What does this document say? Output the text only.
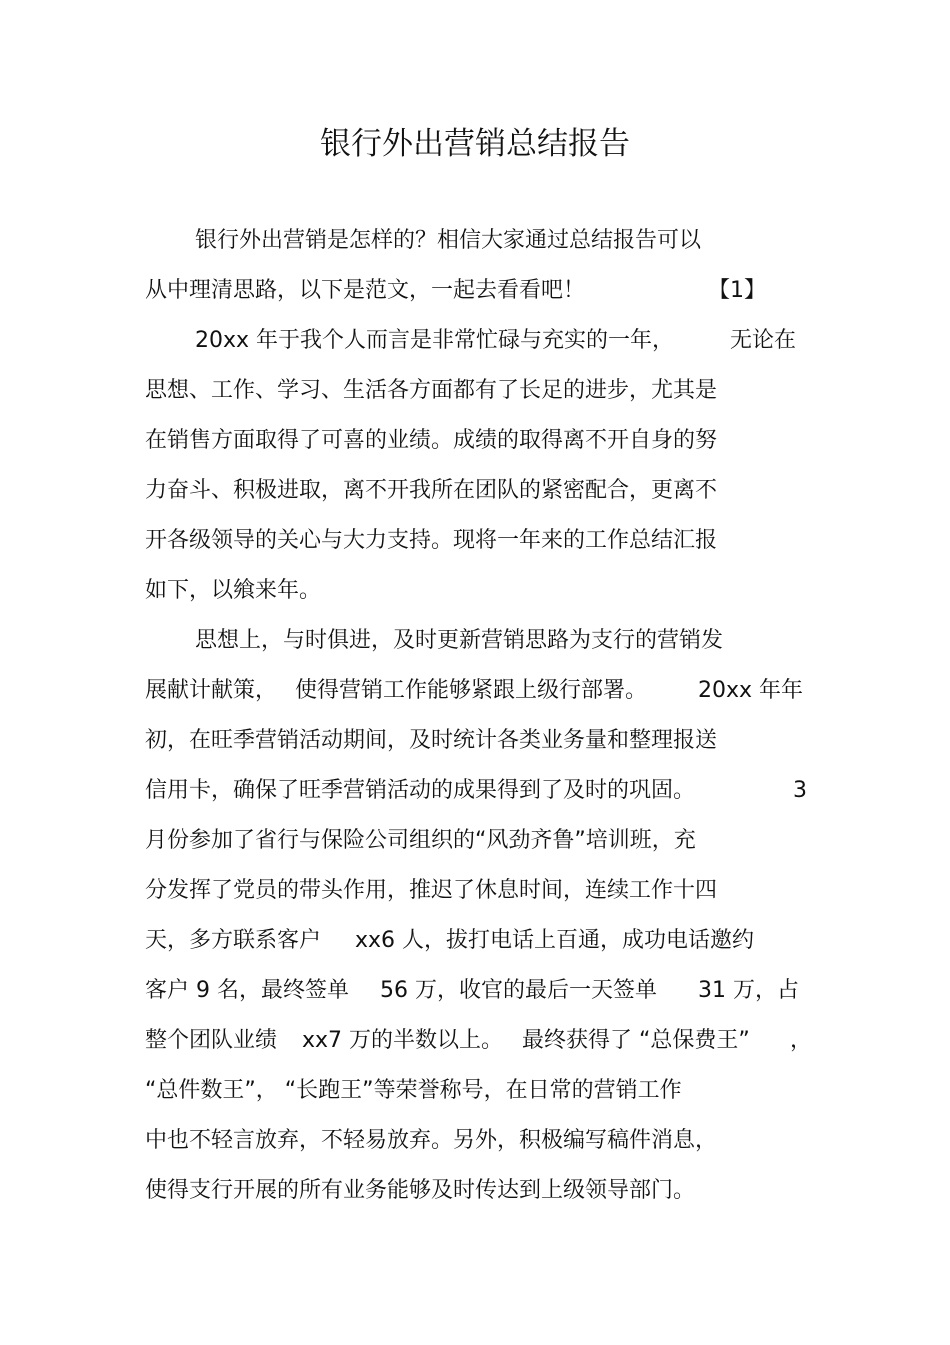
银行外出营销总结报告
银行外出营销是怎样的？相信大家通过总结报告可以
从中理清思路，以下是范文，一起去看看吧！	【1】
20xx 年于我个人而言是非常忙碌与充实的一年，	无论在
思想、工作、学习、生活各方面都有了长足的进步，尤其是
在销售方面取得了可喜的业绩。成绩的取得离不开自身的努
力奋斗、积极进取，离不开我所在团队的紧密配合，更离不
开各级领导的关心与大力支持。现将一年来的工作总结汇报
如下，以飨来年。
思想上，与时俱进，及时更新营销思路为支行的营销发
展献计献策， 使得营销工作能够紧跟上级行部署。 20xx 年年
初，在旺季营销活动期间，及时统计各类业务量和整理报送
信用卡，确保了旺季营销活动的成果得到了及时的巩固。	3
月份参加了省行与保险公司组织的“风劲齐鲁”培训班，充
分发挥了党员的带头作用，推迟了休息时间，连续工作十四
天，多方联系客户 xx6 人，拔打电话上百通，成功电话邀约
客户 9 名，最终签单 56 万，收官的最后一天签单 31 万，占
整个团队业绩 xx7 万的半数以上。 最终获得了 “总保费王” ，
“总件数王”， “长跑王”等荣誉称号，在日常的营销工作
中也不轻言放弃，不轻易放弃。另外，积极编写稿件消息，
使得支行开展的所有业务能够及时传达到上级领导部门。
